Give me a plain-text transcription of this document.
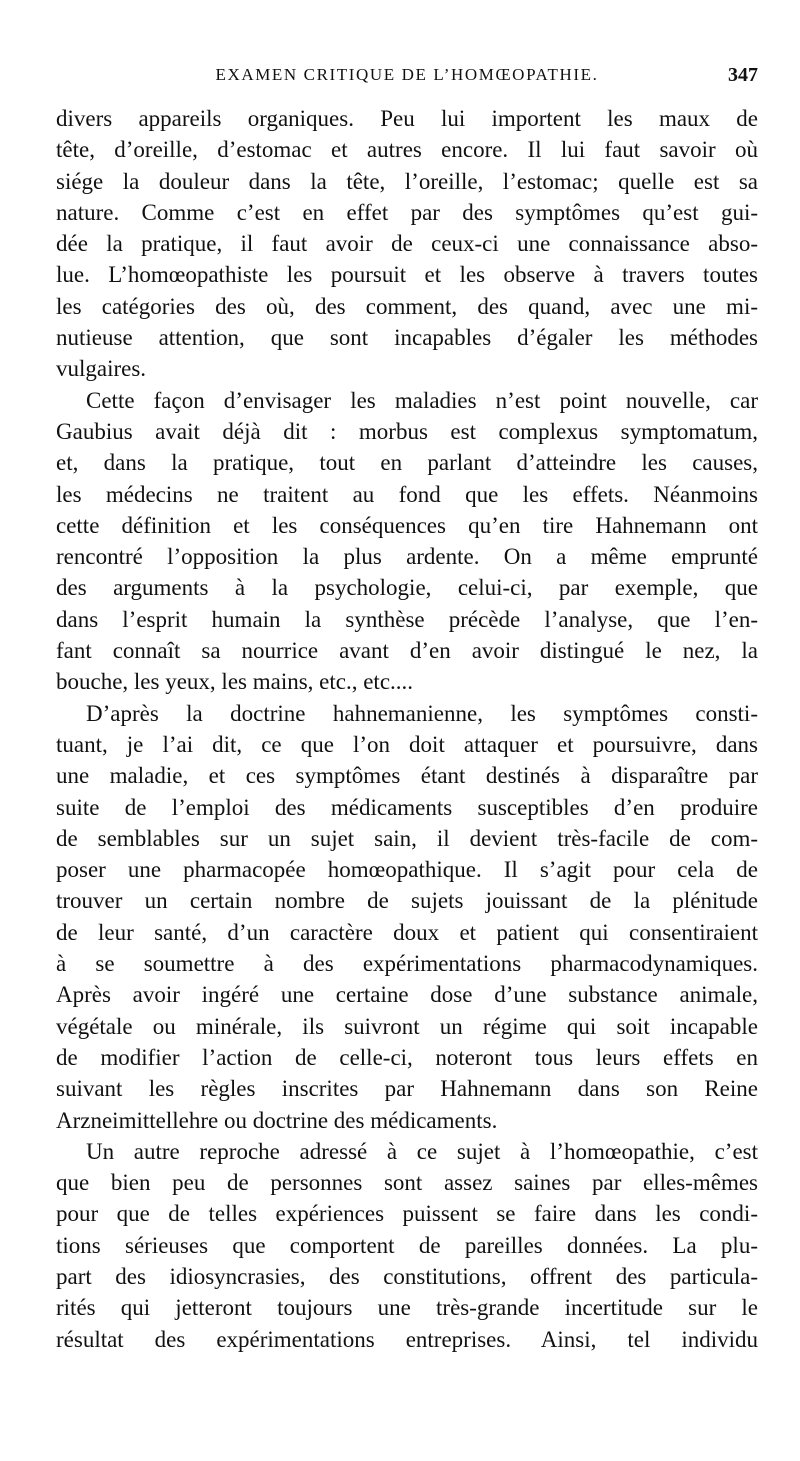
EXAMEN CRITIQUE DE L’HOMŒOPATHIE.	347
divers appareils organiques. Peu lui importent les maux de
tête, d’oreille, d’estomac et autres encore. Il lui faut savoir où
siége la douleur dans la tête, l’oreille, l’estomac; quelle est sa
nature. Comme c’est en effet par des symptômes qu’est gui-
dée la pratique, il faut avoir de ceux-ci une connaissance abso-
lue. L’homœopathiste les poursuit et les observe à travers toutes
les catégories des où, des comment, des quand, avec une mi-
nutieuse attention, que sont incapables d’égaler les méthodes
vulgaires.
Cette façon d’envisager les maladies n’est point nouvelle, car
Gaubius avait déjà dit : morbus est complexus symptomatum,
et, dans la pratique, tout en parlant d’atteindre les causes,
les médecins ne traitent au fond que les effets. Néanmoins
cette définition et les conséquences qu’en tire Hahnemann ont
rencontré l’opposition la plus ardente. On a même emprunté
des arguments à la psychologie, celui-ci, par exemple, que
dans l’esprit humain la synthèse précède l’analyse, que l’en-
fant connaît sa nourrice avant d’en avoir distingué le nez, la
bouche, les yeux, les mains, etc., etc....
D’après la doctrine hahnemanienne, les symptômes consti-
tuant, je l’ai dit, ce que l’on doit attaquer et poursuivre, dans
une maladie, et ces symptômes étant destinés à disparaître par
suite de l’emploi des médicaments susceptibles d’en produire
de semblables sur un sujet sain, il devient très-facile de com-
poser une pharmacopée homœopathique. Il s’agit pour cela de
trouver un certain nombre de sujets jouissant de la plénitude
de leur santé, d’un caractère doux et patient qui consentiraient
à se soumettre à des expérimentations pharmacodynamiques.
Après avoir ingéré une certaine dose d’une substance animale,
végétale ou minérale, ils suivront un régime qui soit incapable
de modifier l’action de celle-ci, noteront tous leurs effets en
suivant les règles inscrites par Hahnemann dans son Reine
Arzneimittellehre ou doctrine des médicaments.
Un autre reproche adressé à ce sujet à l’homœopathie, c’est
que bien peu de personnes sont assez saines par elles-mêmes
pour que de telles expériences puissent se faire dans les condi-
tions sérieuses que comportent de pareilles données. La plu-
part des idiosyncrasies, des constitutions, offrent des particula-
rités qui jetteront toujours une très-grande incertitude sur le
résultat des expérimentations entreprises. Ainsi, tel individu
